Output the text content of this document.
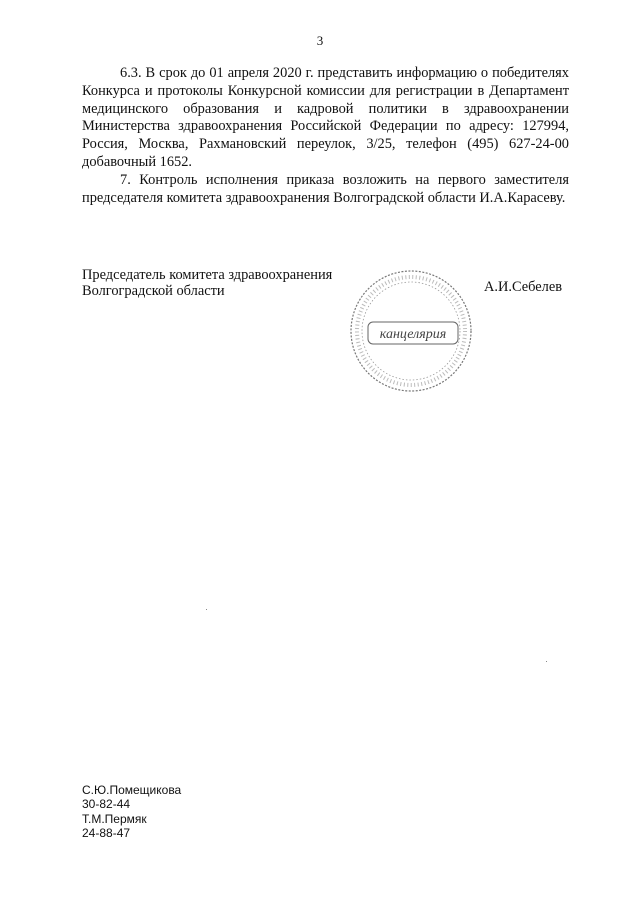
3

6.3. В срок до 01 апреля 2020 г. представить информацию о победителях Конкурса и протоколы Конкурсной комиссии для регистрации в Департамент медицинского образования и кадровой политики в здравоохранении Министерства здравоохранения Российской Федерации по адресу: 127994, Россия, Москва, Рахмановский переулок, 3/25, телефон (495) 627-24-00 добавочный 1652.

7. Контроль исполнения приказа возложить на первого заместителя председателя комитета здравоохранения Волгоградской области И.А.Карасеву.

Председатель комитета здравоохранения
Волгоградской области
канцелярия
А.И.Себелев
С.Ю.Помещикова
30-82-44
Т.М.Пермяк
24-88-47
